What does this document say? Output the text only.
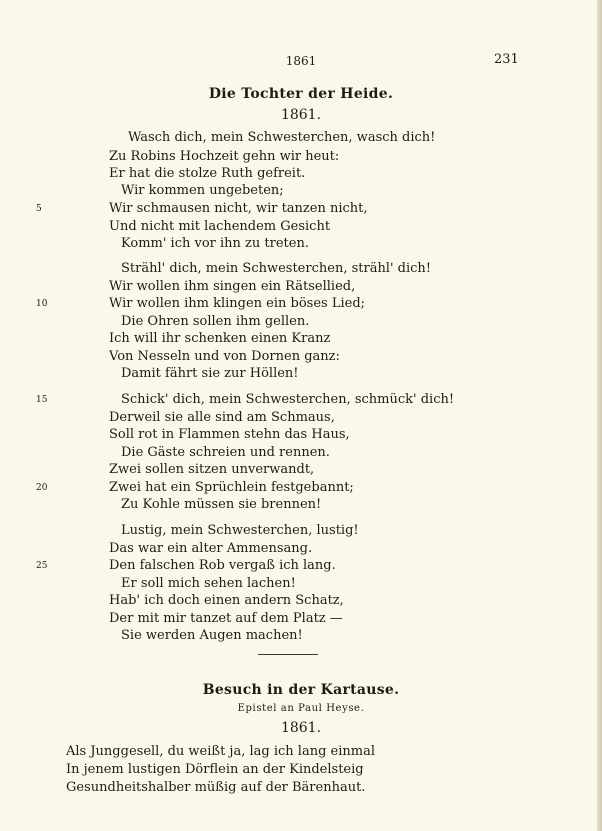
1861	231
Die Tochter der Heide.
1861.
Wasch dich, mein Schwesterchen, wasch dich!
Zu Robins Hochzeit gehn wir heut:
Er hat die stolze Ruth gefreit.
Wir kommen ungebeten;
Wir schmausen nicht, wir tanzen nicht,
Und nicht mit lachendem Gesicht
Komm' ich vor ihn zu treten.
Strähl' dich, mein Schwesterchen, strähl' dich!
Wir wollen ihm singen ein Rätsellied,
Wir wollen ihm klingen ein böses Lied;
Die Ohren sollen ihm gellen.
Ich will ihr schenken einen Kranz
Von Nesseln und von Dornen ganz:
Damit fährt sie zur Höllen!
Schick' dich, mein Schwesterchen, schmück' dich!
Derweil sie alle sind am Schmaus,
Soll rot in Flammen stehn das Haus,
Die Gäste schreien und rennen.
Zwei sollen sitzen unverwandt,
Zwei hat ein Sprüchlein festgebannt;
Zu Kohle müssen sie brennen!
Lustig, mein Schwesterchen, lustig!
Das war ein alter Ammensang.
Den falschen Rob vergaß ich lang.
Er soll mich sehen lachen!
Hab' ich doch einen andern Schatz,
Der mit mir tanzet auf dem Platz —
Sie werden Augen machen!
5
10
15
20
25
Besuch in der Kartause.
Epistel an Paul Heyse.
1861.
Als Junggesell, du weißt ja, lag ich lang einmal
In jenem lustigen Dörflein an der Kindelsteig
Gesundheitshalber müßig auf der Bärenhaut.
